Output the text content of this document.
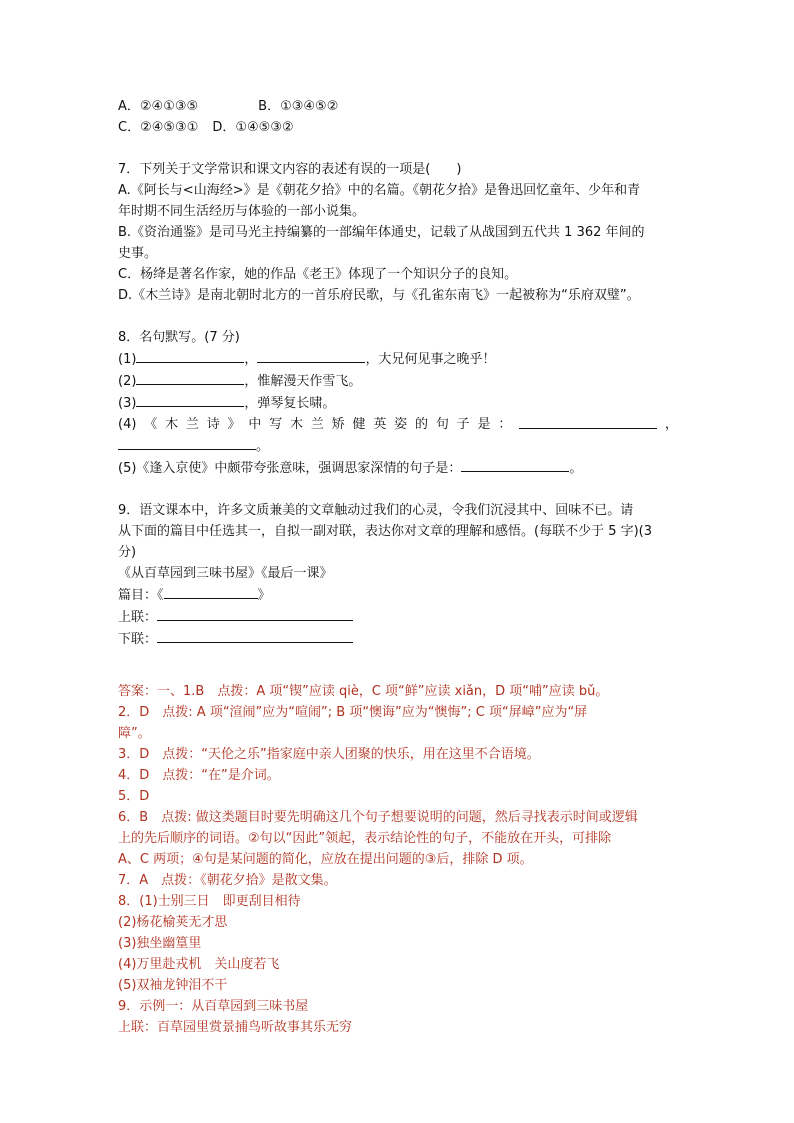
A．②④①③⑤	B．①③④⑤②

C．②④⑤③① D．①④⑤③②

7．下列关于文学常识和课文内容的表述有误的一项是(　　)

A.《阿长与<山海经>》是《朝花夕拾》中的名篇。《朝花夕拾》是鲁迅回忆童年、少年和青

年时期不同生活经历与体验的一部小说集。

B.《资治通鉴》是司马光主持编纂的一部编年体通史，记载了从战国到五代共 1 362 年间的

史事。

C．杨绛是著名作家，她的作品《老王》体现了一个知识分子的良知。

D.《木兰诗》是南北朝时北方的一首乐府民歌，与《孔雀东南飞》一起被称为“乐府双璧”。

8．名句默写。(7 分)

(1)	，	，大兄何见事之晚乎！

(2)	，惟解漫天作雪飞。

(3)	，弹琴复长啸。

(4) 《 木 兰 诗 》 中 写 木 兰 矫 健 英 姿 的 句 子 是 ：	，

。

(5)《逢入京使》中颇带夸张意味，强调思家深情的句子是：	。

9．语文课本中，许多文质兼美的文章触动过我们的心灵，令我们沉浸其中、回味不已。请

从下面的篇目中任选其一，自拟一副对联，表达你对文章的理解和感悟。(每联不少于 5 字)(3

分)

《从百草园到三味书屋》《最后一课》

篇目：《	》

上联：

下联：

答案：一、1.B　点拨：A 项“锲”应读 qiè，C 项“鲜”应读 xiǎn，D 项“哺”应读 bǔ。

2．D　点拨: A 项“渲闹”应为“喧闹”; B 项“懊诲”应为“懊悔”; C 项“屏嶂”应为“屏

障”。

3．D　点拨：“天伦之乐”指家庭中亲人团聚的快乐，用在这里不合语境。

4．D　点拨：“在”是介词。

5．D

6．B　点拨: 做这类题目时要先明确这几个句子想要说明的问题，然后寻找表示时间或逻辑

上的先后顺序的词语。②句以“因此”领起，表示结论性的句子，不能放在开头，可排除

A、C 两项；④句是某问题的简化，应放在提出问题的③后，排除 D 项。

7．A　点拨：《朝花夕拾》是散文集。

8．(1)士别三日　即更刮目相待

(2)杨花榆荚无才思

(3)独坐幽篁里

(4)万里赴戎机　关山度若飞

(5)双袖龙钟泪不干

9．示例一：从百草园到三味书屋

上联：百草园里赏景捕鸟听故事其乐无穷
